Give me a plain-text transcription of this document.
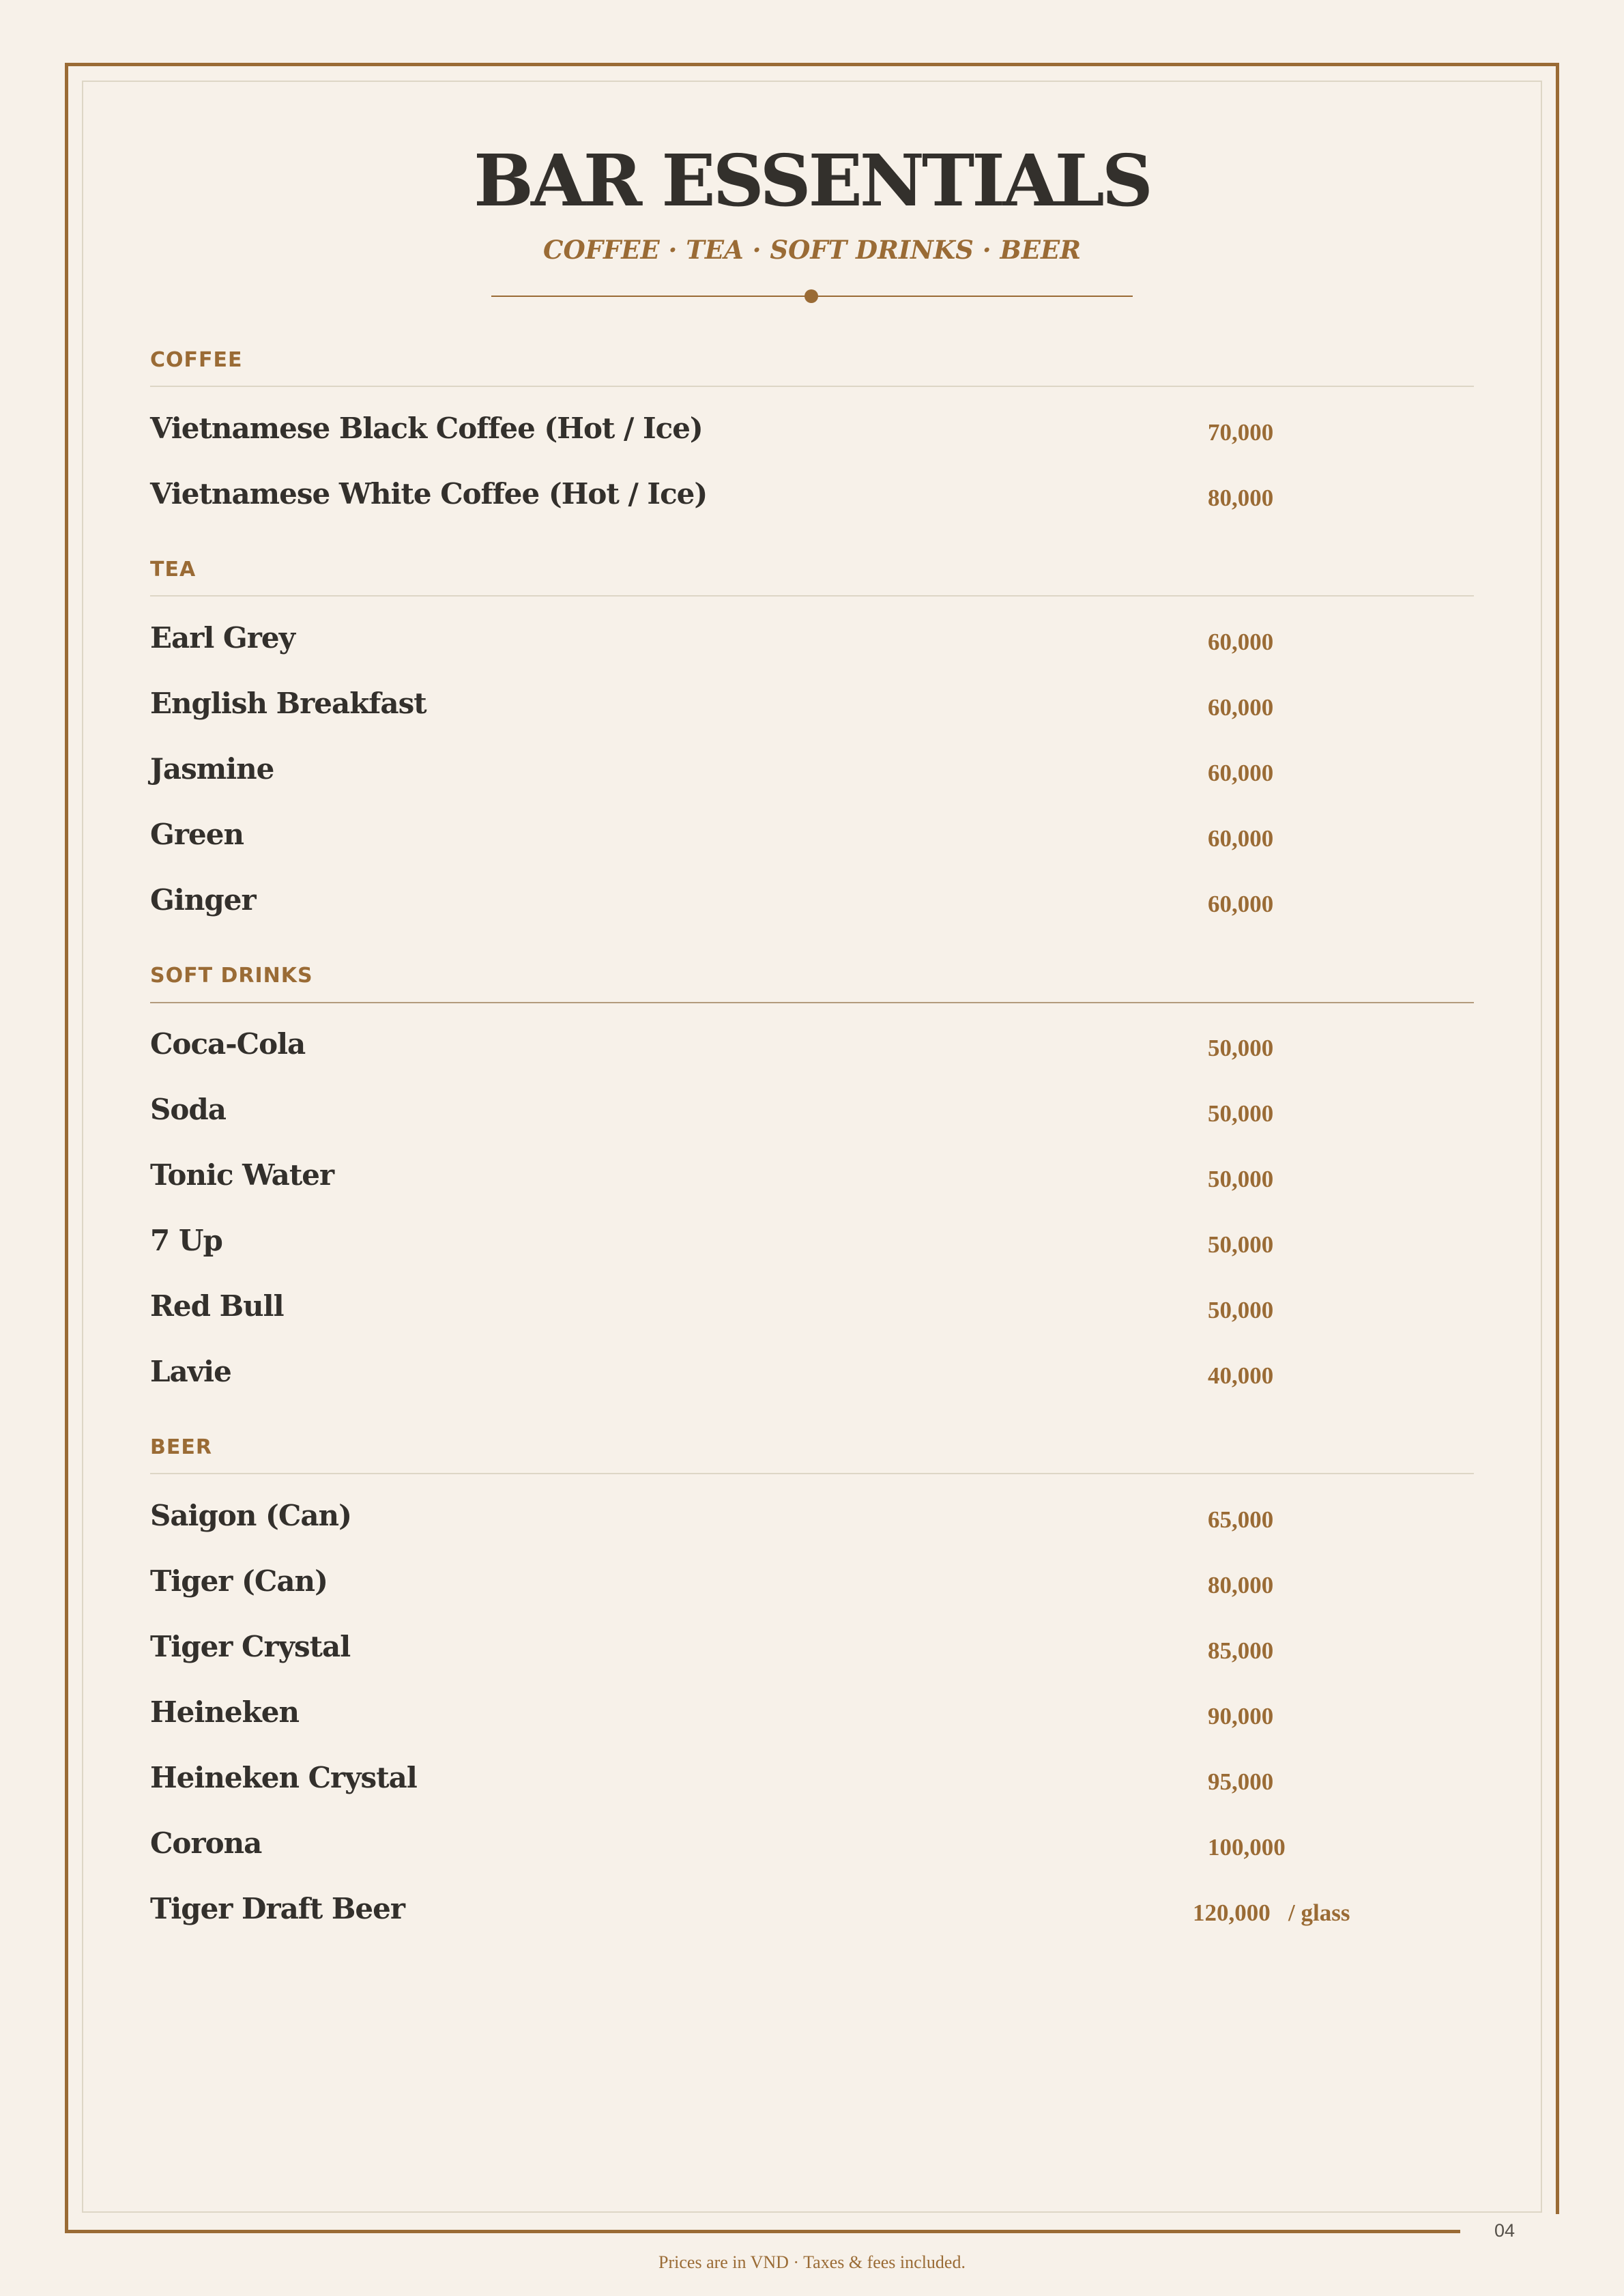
BAR ESSENTIALS
COFFEE · TEA · SOFT DRINKS · BEER
COFFEE
Vietnamese Black Coffee (Hot / Ice)	70,000
Vietnamese White Coffee (Hot / Ice)	80,000
TEA
Earl Grey	60,000
English Breakfast	60,000
Jasmine	60,000
Green	60,000
Ginger	60,000
SOFT DRINKS
Coca-Cola	50,000
Soda	50,000
Tonic Water	50,000
7 Up	50,000
Red Bull	50,000
Lavie	40,000
BEER
Saigon (Can)	65,000
Tiger (Can)	80,000
Tiger Crystal	85,000
Heineken	90,000
Heineken Crystal	95,000
Corona	100,000
Tiger Draft Beer	120,000 / glass
04
Prices are in VND · Taxes & fees included.
